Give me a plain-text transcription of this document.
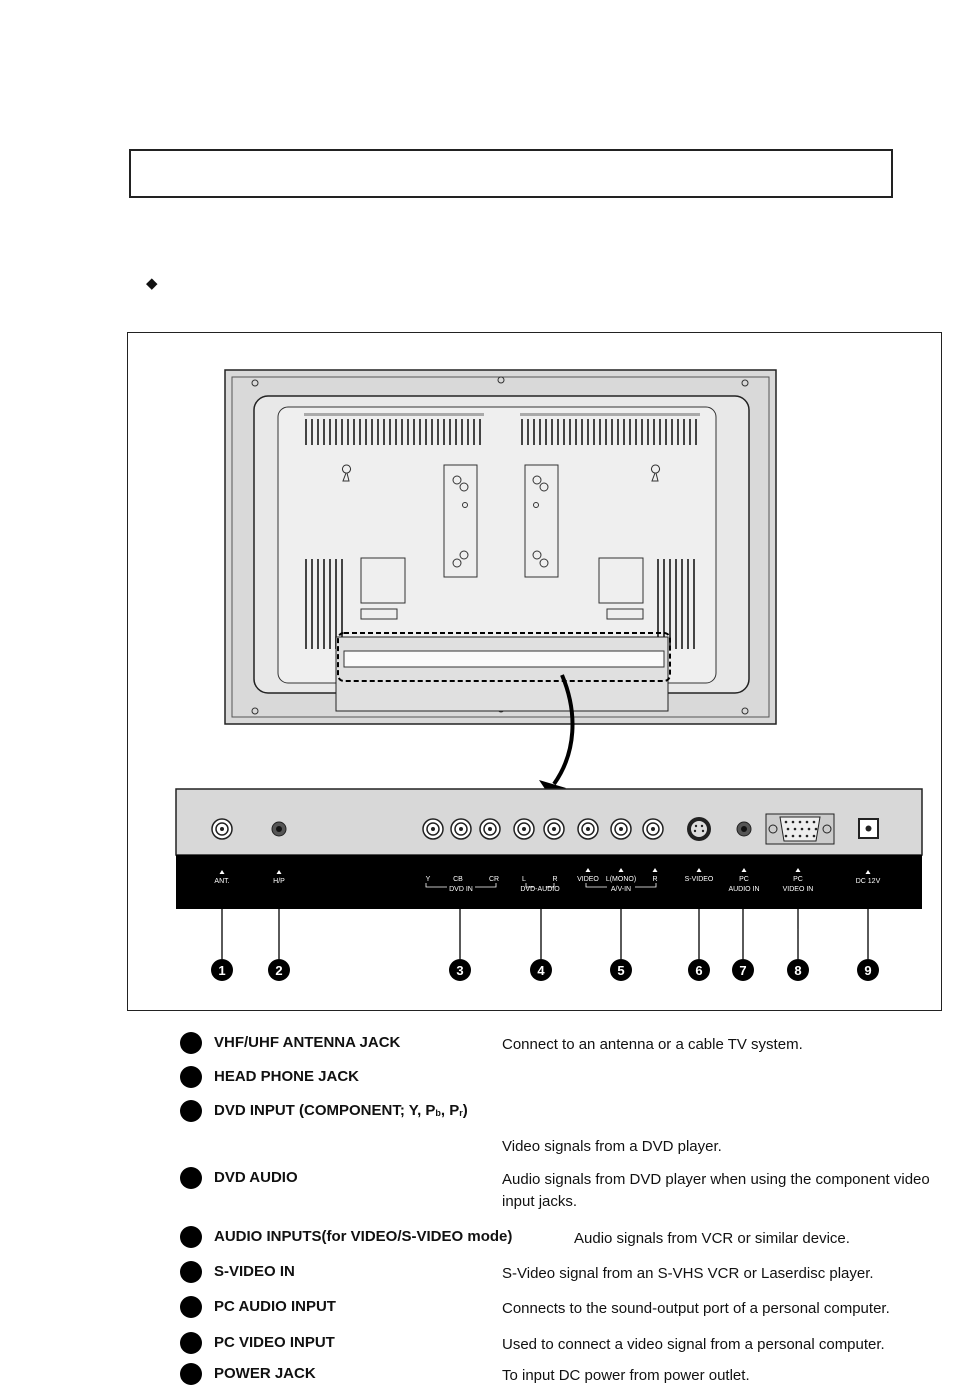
◆
ANT.	H/P	Y	CB	CR
DVD IN
L	R
DVD-AUDIO
VIDEO L(MONO) R
A/V-IN
S-VIDEO	PC
AUDIO IN
PC
VIDEO IN
DC 12V
1	2	3	4	5	6	7	8	9
VHF/UHF ANTENNA JACK	Connect to an antenna or a cable TV system.
HEAD PHONE JACK
DVD INPUT (COMPONENT; Y, $P_b$, $P_r$)
Video signals from a DVD player.
DVD AUDIO	Audio signals from DVD player when using the component video
input jacks.
AUDIO INPUTS(for VIDEO/S-VIDEO mode)	Audio signals from VCR or similar device.
S-VIDEO IN	S-Video signal from an S-VHS VCR or Laserdisc player.
PC AUDIO INPUT	Connects to the sound-output port of a personal computer.
PC VIDEO INPUT	Used to connect a video signal from a personal computer.
POWER JACK	To input DC power from power outlet.
